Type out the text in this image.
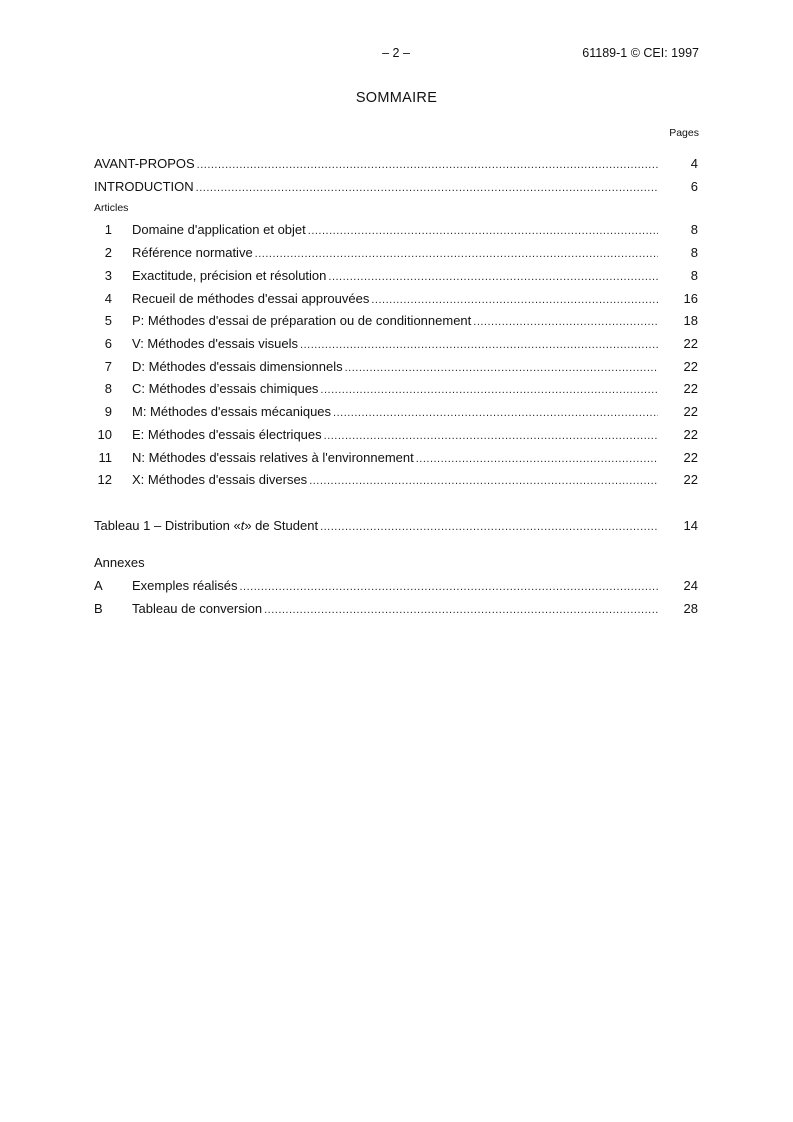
– 2 –	61189-1 © CEI: 1997
SOMMAIRE
Pages
AVANT-PROPOS .....	4
INTRODUCTION .....	6
Articles
1	Domaine d'application et objet .....	8
2	Référence normative .....	8
3	Exactitude, précision et résolution .....	8
4	Recueil de méthodes d'essai approuvées .....	16
5	P: Méthodes d'essai de préparation ou de conditionnement .....	18
6	V: Méthodes d'essais visuels .....	22
7	D: Méthodes d'essais dimensionnels .....	22
8	C: Méthodes d’essais chimiques .....	22
9	M: Méthodes d'essais mécaniques .....	22
10	E: Méthodes d'essais électriques .....	22
11	N: Méthodes d'essais relatives à l'environnement .....	22
12	X: Méthodes d'essais diverses .....	22
Tableau 1 – Distribution «t» de Student .....	14
Annexes
A	Exemples réalisés .....	24
B	Tableau de conversion .....	28
